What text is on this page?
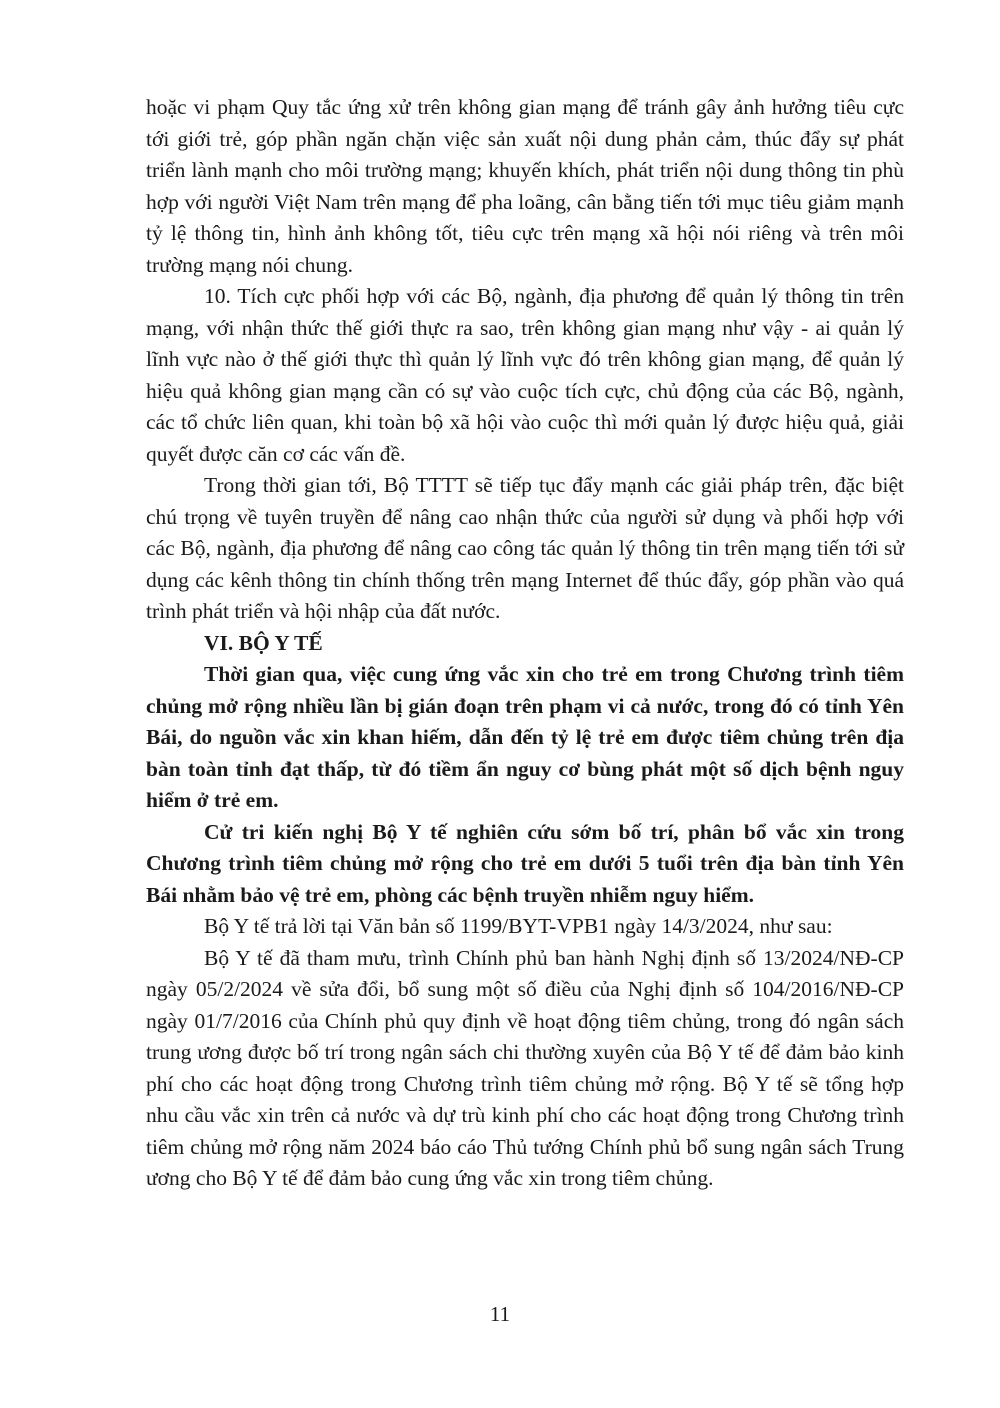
hoặc vi phạm Quy tắc ứng xử trên không gian mạng để tránh gây ảnh hưởng tiêu cực tới giới trẻ, góp phần ngăn chặn việc sản xuất nội dung phản cảm, thúc đẩy sự phát triển lành mạnh cho môi trường mạng; khuyến khích, phát triển nội dung thông tin phù hợp với người Việt Nam trên mạng để pha loãng, cân bằng tiến tới mục tiêu giảm mạnh tỷ lệ thông tin, hình ảnh không tốt, tiêu cực trên mạng xã hội nói riêng và trên môi trường mạng nói chung.

10. Tích cực phối hợp với các Bộ, ngành, địa phương để quản lý thông tin trên mạng, với nhận thức thế giới thực ra sao, trên không gian mạng như vậy - ai quản lý lĩnh vực nào ở thế giới thực thì quản lý lĩnh vực đó trên không gian mạng, để quản lý hiệu quả không gian mạng cần có sự vào cuộc tích cực, chủ động của các Bộ, ngành, các tổ chức liên quan, khi toàn bộ xã hội vào cuộc thì mới quản lý được hiệu quả, giải quyết được căn cơ các vấn đề.

Trong thời gian tới, Bộ TTTT sẽ tiếp tục đẩy mạnh các giải pháp trên, đặc biệt chú trọng về tuyên truyền để nâng cao nhận thức của người sử dụng và phối hợp với các Bộ, ngành, địa phương để nâng cao công tác quản lý thông tin trên mạng tiến tới sử dụng các kênh thông tin chính thống trên mạng Internet để thúc đẩy, góp phần vào quá trình phát triển và hội nhập của đất nước.

VI. BỘ Y TẾ

Thời gian qua, việc cung ứng vắc xin cho trẻ em trong Chương trình tiêm chủng mở rộng nhiều lần bị gián đoạn trên phạm vi cả nước, trong đó có tỉnh Yên Bái, do nguồn vắc xin khan hiếm, dẫn đến tỷ lệ trẻ em được tiêm chủng trên địa bàn toàn tỉnh đạt thấp, từ đó tiềm ẩn nguy cơ bùng phát một số dịch bệnh nguy hiểm ở trẻ em.

Cử tri kiến nghị Bộ Y tế nghiên cứu sớm bố trí, phân bổ vắc xin trong Chương trình tiêm chủng mở rộng cho trẻ em dưới 5 tuổi trên địa bàn tỉnh Yên Bái nhằm bảo vệ trẻ em, phòng các bệnh truyền nhiễm nguy hiểm.

Bộ Y tế trả lời tại Văn bản số 1199/BYT-VPB1 ngày 14/3/2024, như sau:

Bộ Y tế đã tham mưu, trình Chính phủ ban hành Nghị định số 13/2024/NĐ-CP ngày 05/2/2024 về sửa đổi, bổ sung một số điều của Nghị định số 104/2016/NĐ-CP ngày 01/7/2016 của Chính phủ quy định về hoạt động tiêm chủng, trong đó ngân sách trung ương được bố trí trong ngân sách chi thường xuyên của Bộ Y tế để đảm bảo kinh phí cho các hoạt động trong Chương trình tiêm chủng mở rộng. Bộ Y tế sẽ tổng hợp nhu cầu vắc xin trên cả nước và dự trù kinh phí cho các hoạt động trong Chương trình tiêm chủng mở rộng năm 2024 báo cáo Thủ tướng Chính phủ bổ sung ngân sách Trung ương cho Bộ Y tế để đảm bảo cung ứng vắc xin trong tiêm chủng.

11
